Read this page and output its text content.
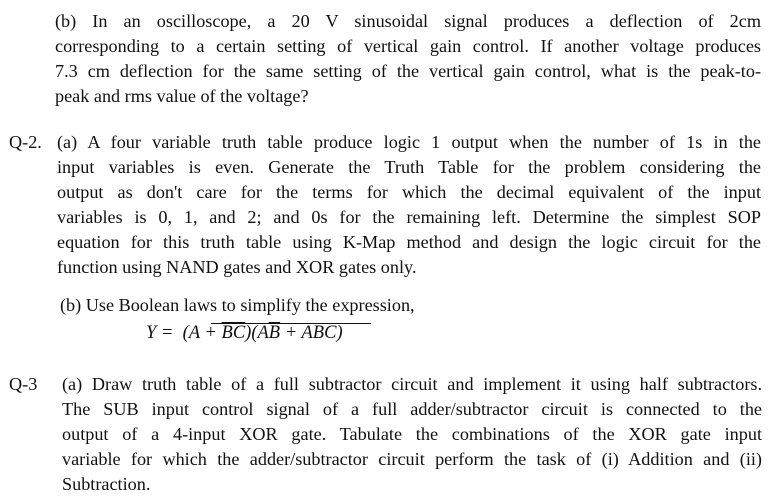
(b) In an oscilloscope, a 20 V sinusoidal signal produces a deflection of 2cm
corresponding to a certain setting of vertical gain control. If another voltage produces
7.3 cm deflection for the same setting of the vertical gain control, what is the peak-to-
peak and rms value of the voltage?
Q-2. (a) A four variable truth table produce logic 1 output when the number of 1s in the
input variables is even. Generate the Truth Table for the problem considering the
output as don't care for the terms for which the decimal equivalent of the input
variables is 0, 1, and 2; and 0s for the remaining left. Determine the simplest SOP
equation for this truth table using K-Map method and design the logic circuit for the
function using NAND gates and XOR gates only.
(b) Use Boolean laws to simplify the expression,
$Y = (A + \overline{BC})(A\overline{B} + ABC)$
Q-3 (a) Draw truth table of a full subtractor circuit and implement it using half subtractors.
The SUB input control signal of a full adder/subtractor circuit is connected to the
output of a 4-input XOR gate. Tabulate the combinations of the XOR gate input
variable for which the adder/subtractor circuit perform the task of (i) Addition and (ii)
Subtraction.
